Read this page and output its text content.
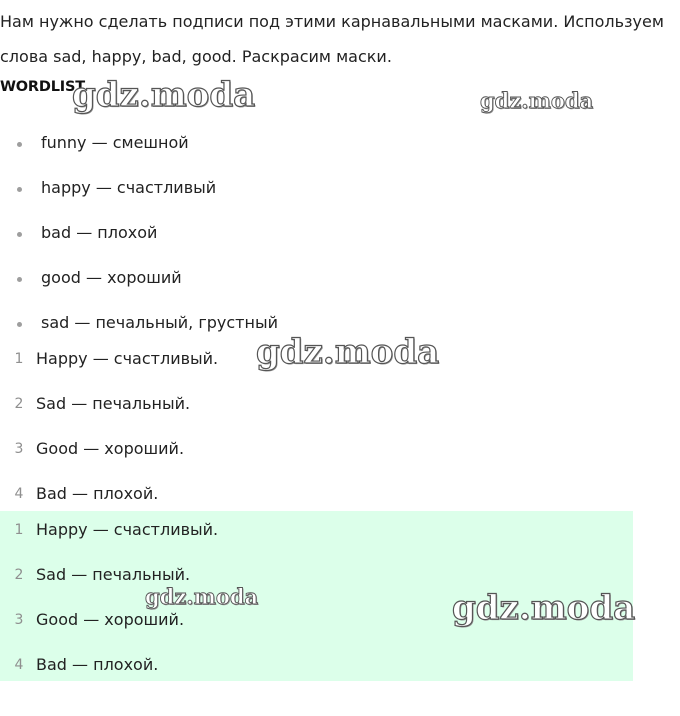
Нам нужно сделать подписи под этими карнавальными масками. Используем слова sad, happy, bad, good. Раскрасим маски.

WORDLIST
funny — смешной
happy — счастливый
bad — плохой
good — хороший
sad — печальный, грустный
1 Happy — счастливый.
2 Sad — печальный.
3 Good — хороший.
4 Bad — плохой.
1 Happy — счастливый.
2 Sad — печальный.
3 Good — хороший.
4 Bad — плохой.
gdz.moda	gdz.moda
gdz.moda
gdz.moda	gdz.moda
